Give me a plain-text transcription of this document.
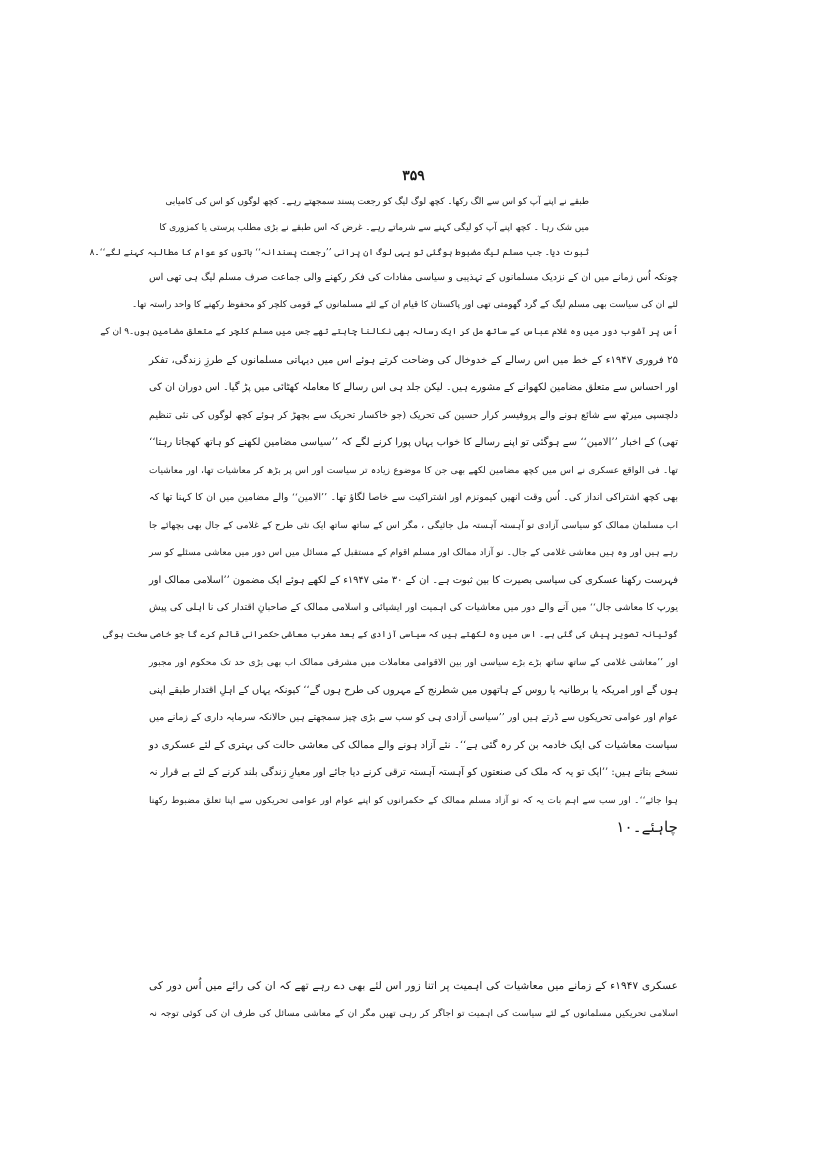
۳۵۹
طبقے نے اپنے آپ کو اس سے الگ رکھا۔ کچھ لوگ لیگ کو رجعت پسند سمجھتے رہے۔ کچھ لوگوں کو اس کی کامیابی
میں شک رہا ۔ کچھ اپنے آپ کو لیگی کہنے سے شرماتے رہے۔ غرض کہ اس طبقے نے بڑی مطلب پرستی یا کمزوری کا
ثبوت دیا۔ جب مسلم لیگ مضبوط ہوگئی تو یہی لوگ ان پرانی ’’رجعت پسندانہ‘‘ باتوں کو عوام کا مطالبہ کہنے لگے‘‘۔۸
چونکہ اُس زمانے میں ان کے نزدیک مسلمانوں کے تہذیبی و سیاسی مفادات کی فکر رکھنے والی جماعت صرف مسلم لیگ ہی تھی اس
لئے ان کی سیاست بھی مسلم لیگ کے گرد گھومتی تھی اور پاکستان کا قیام ان کے لئے مسلمانوں کے قومی کلچر کو محفوظ رکھنے کا واحد راستہ تھا۔
اُس پر آشوب دور میں وہ غلام عباس کے ساتھ مل کر ایک رسالہ بھی نکالنا چاہتے تھے جس میں مسلم کلچر کے متعلق مضامین ہوں۔۹ ان کے
۲۵ فروری ۱۹۴۷ء کے خط میں اس رسالے کے خدوخال کی وضاحت کرتے ہوئے اس میں دیہاتی مسلمانوں کے طرزِ زندگی، تفکر
اور احساس سے متعلق مضامین لکھوانے کے مشورے ہیں۔ لیکن جلد ہی اس رسالے کا معاملہ کھٹائی میں پڑ گیا۔ اس دوران ان کی
دلچسپی میرٹھ سے شائع ہونے والے پروفیسر کرار حسین کی تحریک (جو خاکسار تحریک سے بچھڑ کر ہوئے کچھ لوگوں کی نئی تنظیم
تھی) کے اخبار ’’الامین‘‘ سے ہوگئی تو اپنے رسالے کا خواب یہاں پورا کرنے لگے کہ ’’سیاسی مضامین لکھنے کو ہاتھ کھجاتا رہتا‘‘
تھا۔ فی الواقع عسکری نے اس میں کچھ مضامین لکھے بھی جن کا موضوع زیادہ تر سیاست اور اس پر بڑھ کر معاشیات تھا، اور معاشیات
بھی کچھ اشتراکی انداز کی۔ اُس وقت انھیں کیمونزم اور اشتراکیت سے خاصا لگاؤ تھا۔ ’’الامین‘‘ والے مضامین میں ان کا کہنا تھا کہ
اب مسلمان ممالک کو سیاسی آزادی تو آہستہ آہستہ مل جائیگی ، مگر اس کے ساتھ ساتھ ایک نئی طرح کے غلامی کے جال بھی بچھائے جا
رہے ہیں اور وہ ہیں معاشی غلامی کے جال۔ نو آزاد ممالک اور مسلم اقوام کے مستقبل کے مسائل میں اس دور میں معاشی مسئلے کو سر
فہرست رکھنا عسکری کی سیاسی بصیرت کا بین ثبوت ہے۔ ان کے ۳۰ مئی ۱۹۴۷ء کے لکھے ہوئے ایک مضمون ’’اسلامی ممالک اور
یورپ کا معاشی جال‘‘ میں آنے والے دور میں معاشیات کی اہمیت اور ایشیائی و اسلامی ممالک کے صاحبانِ اقتدار کی نا اہلی کی پیش
گوئیانہ تصویر پیش کی گئی ہے۔ اس میں وہ لکھتے ہیں کہ سیاسی آزادی کے بعد مغرب معاشی حکمرانی قائم کرے گا جو خاصی سخت ہوگی
اور ’’معاشی غلامی کے ساتھ ساتھ بڑے بڑے سیاسی اور بین الاقوامی معاملات میں مشرقی ممالک اب بھی بڑی حد تک محکوم اور مجبور
ہوں گے اور امریکہ یا برطانیہ یا روس کے ہاتھوں میں شطرنج کے مہروں کی طرح ہوں گے‘‘ کیونکہ یہاں کے اہلِ اقتدار طبقے اپنی
عوام اور عوامی تحریکوں سے ڈرتے ہیں اور ’’سیاسی آزادی ہی کو سب سے بڑی چیز سمجھتے ہیں حالانکہ سرمایہ داری کے زمانے میں
سیاست معاشیات کی ایک خادمہ بن کر رہ گئی ہے‘‘۔ نئے آزاد ہونے والے ممالک کی معاشی حالت کی بہتری کے لئے عسکری دو
نسخے بتاتے ہیں: ’’ایک تو یہ کہ ملک کی صنعتوں کو آہستہ آہستہ ترقی کرنے دیا جائے اور معیارِ زندگی بلند کرنے کے لئے بے قرار نہ
ہوا جائے‘‘۔ اور سب سے اہم بات یہ کہ نو آزاد مسلم ممالک کے حکمرانوں کو اپنے عوام اور عوامی تحریکوں سے اپنا تعلق مضبوط رکھنا
چاہئے۔۱۰
عسکری ۱۹۴۷ء کے زمانے میں معاشیات کی اہمیت پر اتنا زور اس لئے بھی دے رہے تھے کہ ان کی رائے میں اُس دور کی
اسلامی تحریکیں مسلمانوں کے لئے سیاست کی اہمیت تو اجاگر کر رہی تھیں مگر ان کے معاشی مسائل کی طرف ان کی کوئی توجہ نہ
